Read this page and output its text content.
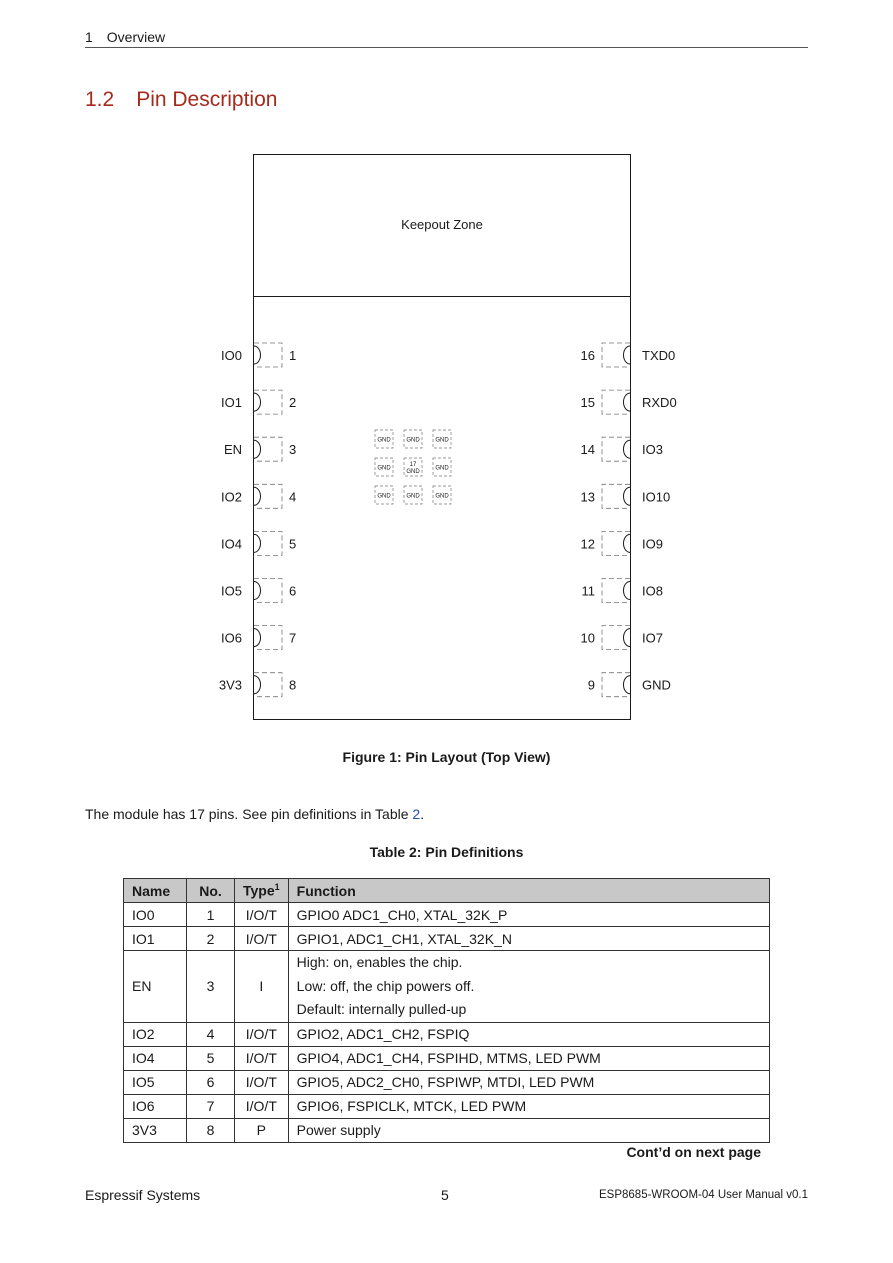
1 Overview
1.2 Pin Description
Keepout Zone
IO0	1
IO1	2
EN	3
IO2	4
IO4	5
IO5	6
IO6	7
3V3	8
TXD0
16
RXD0
15
IO3
14
IO10
13
IO9
12
IO8
11
IO7
10
GND
9
GND	GND	GND
GND
17
GND
GND
GND	GND	GND
Figure 1: Pin Layout (Top View)
The module has 17 pins. See pin definitions in Table 2.
Table 2: Pin Definitions
Name	No.	Type$^1$	Function
IO0	1	I/O/T	GPIO0 ADC1_CH0, XTAL_32K_P

IO1	2	I/O/T	GPIO1, ADC1_CH1, XTAL_32K_N

EN	3	I	High: on, enables the chip.
Low: off, the chip powers off.
Default: internally pulled-up

IO2	4	I/O/T	GPIO2, ADC1_CH2, FSPIQ

IO4	5	I/O/T	GPIO4, ADC1_CH4, FSPIHD, MTMS, LED PWM

IO5	6	I/O/T	GPIO5, ADC2_CH0, FSPIWP, MTDI, LED PWM

IO6	7	I/O/T	GPIO6, FSPICLK, MTCK, LED PWM

3V3	8	P	Power supply
Cont’d on next page
Espressif Systems	5	ESP8685-WROOM-04 User Manual v0.1
